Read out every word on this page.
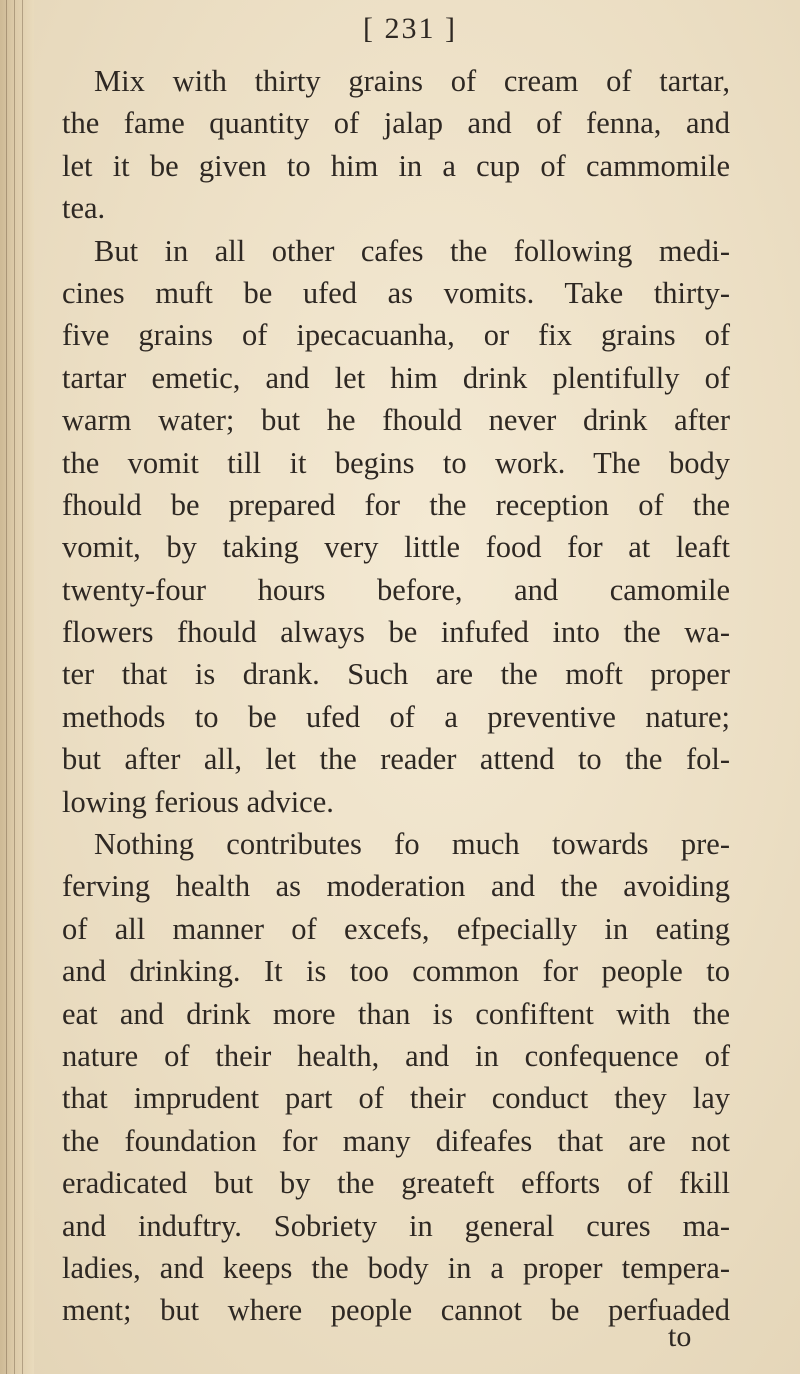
[ 231 ]
Mix with thirty grains of cream of tartar,
the fame quantity of jalap and of fenna, and
let it be given to him in a cup of cammomile
tea.
But in all other cafes the following medi-
cines muft be ufed as vomits. Take thirty-
five grains of ipecacuanha, or fix grains of
tartar emetic, and let him drink plentifully of
warm water; but he fhould never drink after
the vomit till it begins to work. The body
fhould be prepared for the reception of the
vomit, by taking very little food for at leaft
twenty-four hours before, and camomile
flowers fhould always be infufed into the wa-
ter that is drank. Such are the moft proper
methods to be ufed of a preventive nature;
but after all, let the reader attend to the fol-
lowing ferious advice.
Nothing contributes fo much towards pre-
ferving health as moderation and the avoiding
of all manner of excefs, efpecially in eating
and drinking. It is too common for people to
eat and drink more than is confiftent with the
nature of their health, and in confequence of
that imprudent part of their conduct they lay
the foundation for many difeafes that are not
eradicated but by the greateft efforts of fkill
and induftry. Sobriety in general cures ma-
ladies, and keeps the body in a proper tempera-
ment; but where people cannot be perfuaded
to
